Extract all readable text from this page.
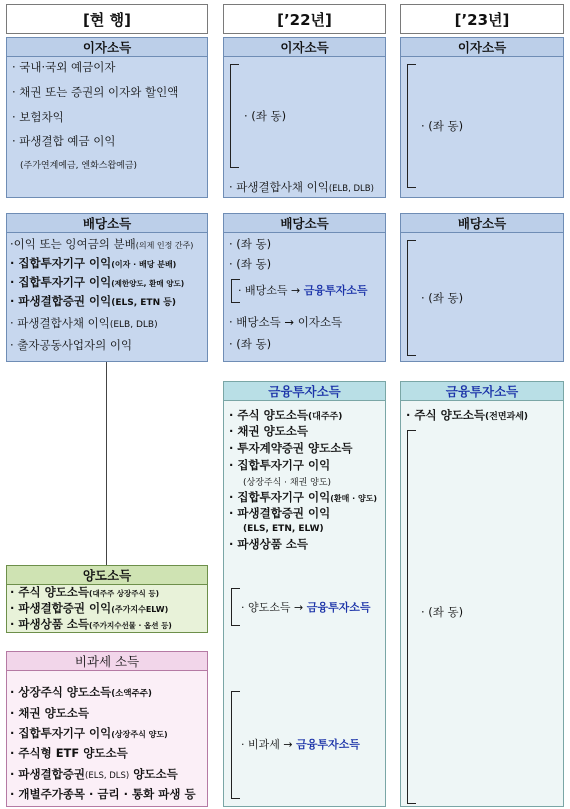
[현 행]	[’22년]	[’23년]
이자소득
· 국내·국외 예금이자
· 채권 또는 증권의 이자와 할인액
· 보험차익
· 파생결합 예금 이익
(주가연계예금, 엔화스왑예금)
이자소득
· (좌 동)
· 파생결합사채 이익(ELB, DLB)
이자소득
· (좌 동)
배당소득
·이익 또는 잉여금의 분배(의제 인정 간주)
· 집합투자기구 이익(이자 · 배당 분배)
· 집합투자기구 이익(제한양도, 환매 양도)
· 파생결합증권 이익(ELS, ETN 등)
· 파생결합사채 이익(ELB, DLB)
· 출자공동사업자의 이익
배당소득
· (좌 동)
· (좌 동)
· 배당소득 → 금융투자소득
· 배당소득 → 이자소득
· (좌 동)
배당소득
· (좌 동)
금융투자소득
· 주식 양도소득(대주주)
· 채권 양도소득
· 투자계약증권 양도소득
· 집합투자기구 이익
(상장주식 · 채권 양도)
· 집합투자기구 이익(환매 · 양도)
· 파생결합증권 이익
(ELS, ETN, ELW)
· 파생상품 소득
· 양도소득 → 금융투자소득
· 비과세 → 금융투자소득
금융투자소득
· 주식 양도소득(전면과세)
· (좌 동)
양도소득
· 주식 양도소득(대주주 상장주식 등)
· 파생결합증권 이익(주가지수ELW)
· 파생상품 소득(주가지수선물 · 옵션 등)
비과세 소득
· 상장주식 양도소득(소액주주)
· 채권 양도소득
· 집합투자기구 이익(상장주식 양도)
· 주식형 ETF 양도소득
· 파생결합증권(ELS, DLS) 양도소득
· 개별주가종목 · 금리 · 통화 파생 등
